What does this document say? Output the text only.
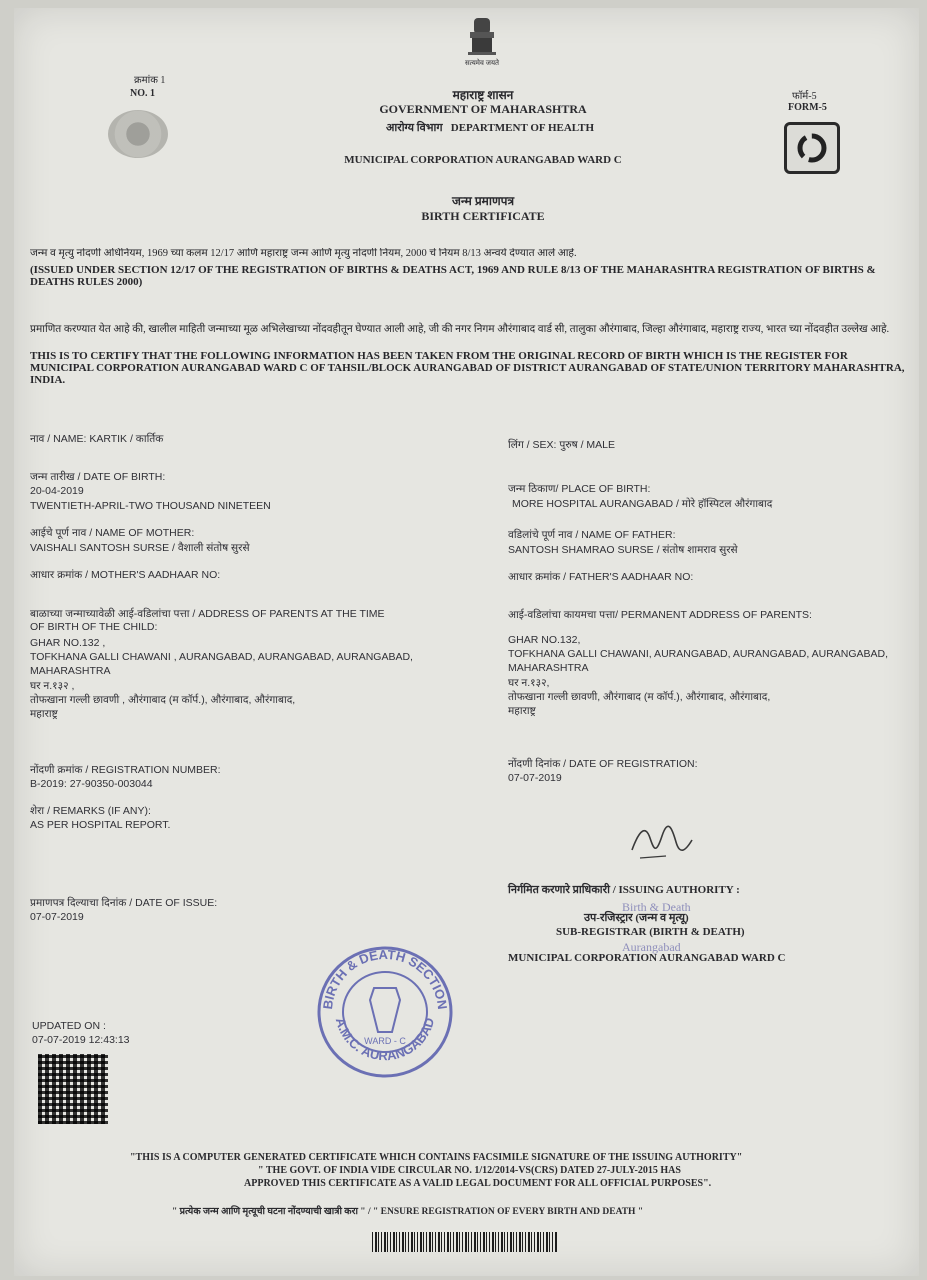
सत्यमेव जयते
क्रमांक 1
NO. 1	फॉर्म-5
FORM-5
महाराष्ट्र शासन
GOVERNMENT OF MAHARASHTRA
आरोग्य विभाग DEPARTMENT OF HEALTH
MUNICIPAL CORPORATION AURANGABAD WARD C
जन्म प्रमाणपत्र
BIRTH CERTIFICATE
जन्म व मृत्यु नोंदणी अधिनियम, 1969 च्या कलम 12/17 आणि महाराष्ट्र जन्म आणि मृत्यु नोंदणी नियम, 2000 चे नियम 8/13 अन्वये देण्यात आले आहे.
(ISSUED UNDER SECTION 12/17 OF THE REGISTRATION OF BIRTHS & DEATHS ACT, 1969 AND RULE 8/13 OF THE MAHARASHTRA REGISTRATION OF BIRTHS & DEATHS RULES 2000)
प्रमाणित करण्यात येत आहे की, खालील माहिती जन्माच्या मूळ अभिलेखाच्या नोंदवहीतून घेण्यात आली आहे, जी की नगर निगम औरंगाबाद वार्ड सी, तालुका औरंगाबाद, जिल्हा औरंगाबाद, महाराष्ट्र राज्य, भारत च्या नोंदवहीत उल्लेख आहे.
THIS IS TO CERTIFY THAT THE FOLLOWING INFORMATION HAS BEEN TAKEN FROM THE ORIGINAL RECORD OF BIRTH WHICH IS THE REGISTER FOR MUNICIPAL CORPORATION AURANGABAD WARD C OF TAHSIL/BLOCK AURANGABAD OF DISTRICT AURANGABAD OF STATE/UNION TERRITORY MAHARASHTRA, INDIA.
नाव / NAME: KARTIK / कार्तिक
जन्म तारीख / DATE OF BIRTH:
20-04-2019
TWENTIETH-APRIL-TWO THOUSAND NINETEEN
आईचे पूर्ण नाव / NAME OF MOTHER:
VAISHALI SANTOSH SURSE / वैशाली संतोष सुरसे
आधार क्रमांक / MOTHER'S AADHAAR NO:
बाळाच्या जन्माच्यावेळी आई-वडिलांचा पत्ता / ADDRESS OF PARENTS AT THE TIME
OF BIRTH OF THE CHILD:
GHAR NO.132 ,
TOFKHANA GALLI CHAWANI , AURANGABAD, AURANGABAD, AURANGABAD,
MAHARASHTRA
घर न.१३२ ,
तोफखाना गल्ली छावणी , औरंगाबाद (म कॉर्प.), औरंगाबाद, औरंगाबाद,
महाराष्ट्र
नोंदणी क्रमांक / REGISTRATION NUMBER:
B-2019: 27-90350-003044
शेरा / REMARKS (IF ANY):
AS PER HOSPITAL REPORT.
प्रमाणपत्र दिल्याचा दिनांक / DATE OF ISSUE:
07-07-2019
लिंग / SEX: पुरुष / MALE
जन्म ठिकाण/ PLACE OF BIRTH:
MORE HOSPITAL AURANGABAD / मोरे हॉस्पिटल औरंगाबाद
वडिलांचे पूर्ण नाव / NAME OF FATHER:
SANTOSH SHAMRAO SURSE / संतोष शामराव सुरसे
आधार क्रमांक / FATHER'S AADHAAR NO:
आई-वडिलांचा कायमचा पत्ता/ PERMANENT ADDRESS OF PARENTS:
GHAR NO.132,
TOFKHANA GALLI CHAWANI, AURANGABAD, AURANGABAD, AURANGABAD,
MAHARASHTRA
घर न.१३२,
तोफखाना गल्ली छावणी, औरंगाबाद (म कॉर्प.), औरंगाबाद, औरंगाबाद,
महाराष्ट्र
नोंदणी दिनांक / DATE OF REGISTRATION:
07-07-2019
निर्गमित करणारे प्राधिकारी / ISSUING AUTHORITY :
Birth & Death
उप-रजिस्ट्रार (जन्म व मृत्यू)
SUB-REGISTRAR (BIRTH & DEATH)
Aurangabad
MUNICIPAL CORPORATION AURANGABAD WARD C
BIRTH & DEATH SECTION
A.M.C. AURANGABAD
WARD - C
UPDATED ON :
07-07-2019 12:43:13
"THIS IS A COMPUTER GENERATED CERTIFICATE WHICH CONTAINS FACSIMILE SIGNATURE OF THE ISSUING AUTHORITY"
" THE GOVT. OF INDIA VIDE CIRCULAR NO. 1/12/2014-VS(CRS) DATED 27-JULY-2015 HAS
APPROVED THIS CERTIFICATE AS A VALID LEGAL DOCUMENT FOR ALL OFFICIAL PURPOSES".
" प्रत्येक जन्म आणि मृत्यूची घटना नोंदण्याची खात्री करा " / " ENSURE REGISTRATION OF EVERY BIRTH AND DEATH "
